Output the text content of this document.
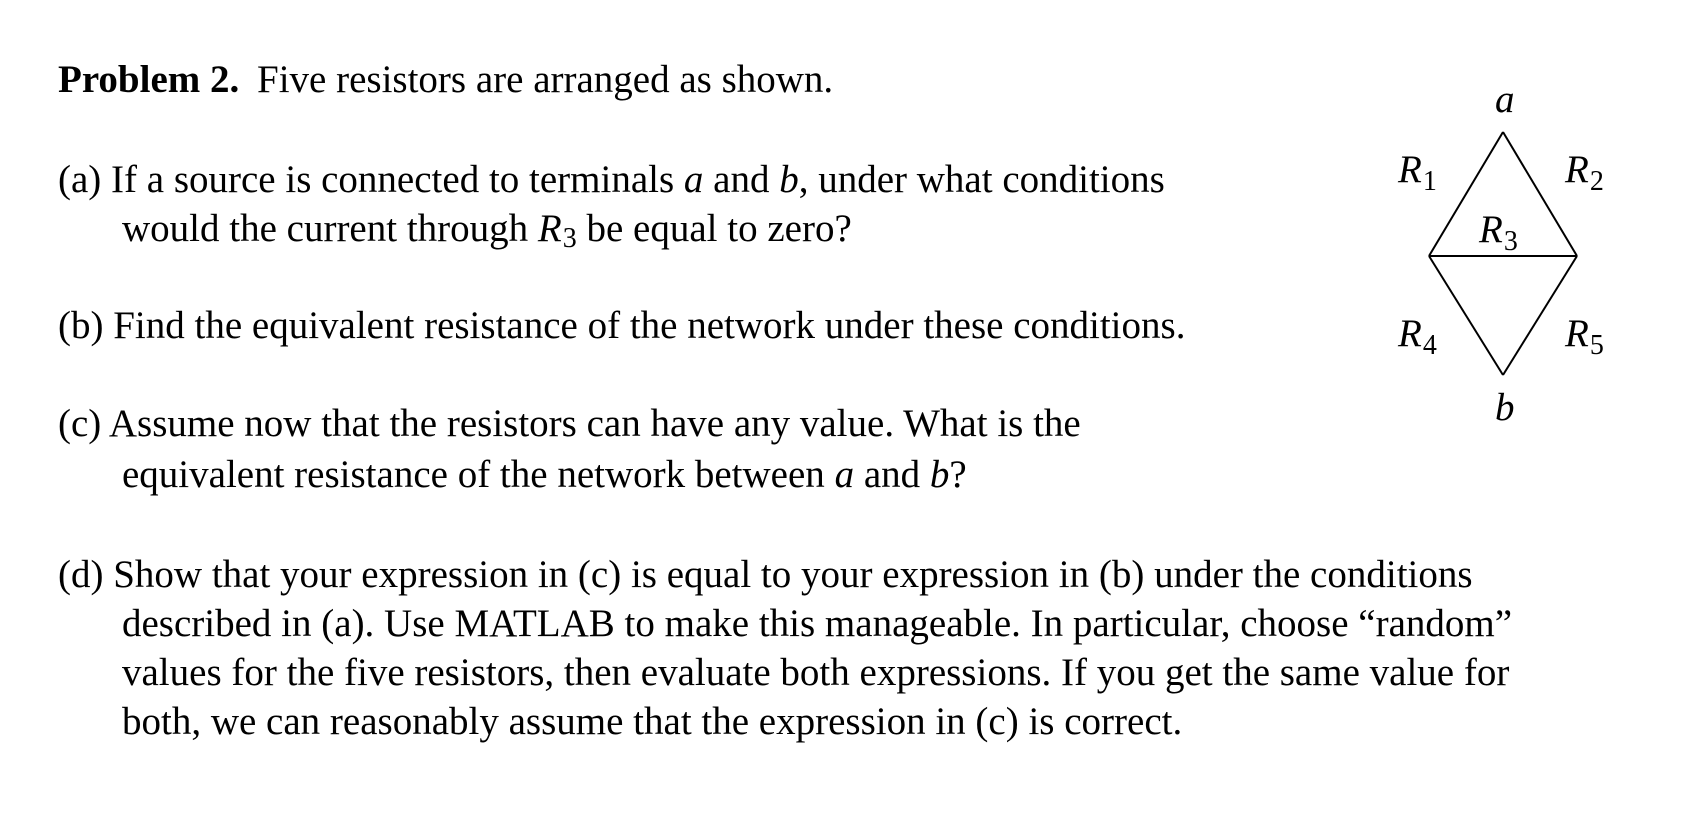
Problem 2. Five resistors are arranged as shown.
(a) If a source is connected to terminals a and b, under what conditions
would the current through R3 be equal to zero?
(b) Find the equivalent resistance of the network under these conditions.
(c) Assume now that the resistors can have any value. What is the
equivalent resistance of the network between a and b?
(d) Show that your expression in (c) is equal to your expression in (b) under the conditions
described in (a). Use MATLAB to make this manageable. In particular, choose “random”
values for the five resistors, then evaluate both expressions. If you get the same value for
both, we can reasonably assume that the expression in (c) is correct.
a
b
$R_1$	$R_2$
$R_3$
$R_4$	$R_5$
